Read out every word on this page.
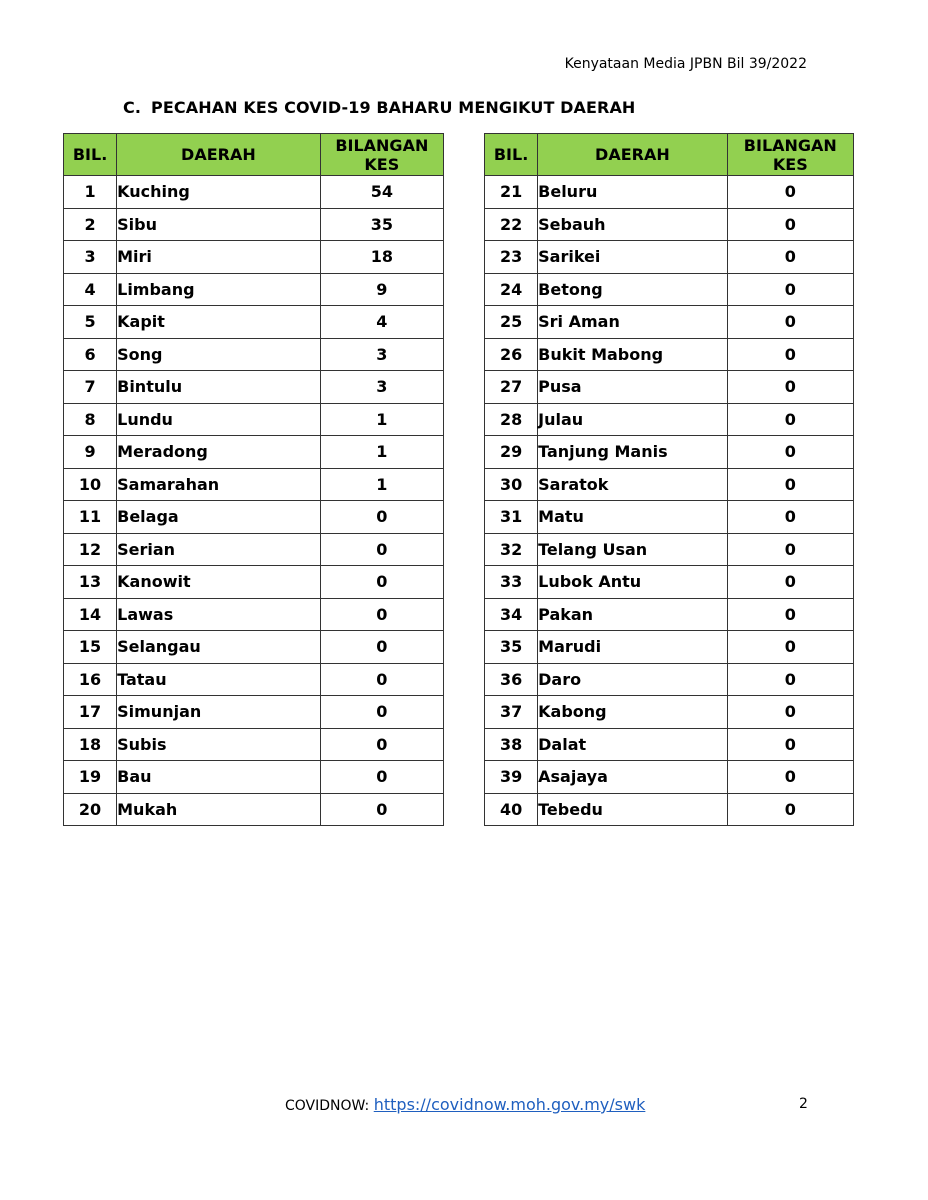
Kenyataan Media JPBN Bil 39/2022
C. PECAHAN KES COVID-19 BAHARU MENGIKUT DAERAH
BIL.	DAERAH	BILANGAN
KES
1	Kuching	54
2	Sibu	35
3	Miri	18
4	Limbang	9
5	Kapit	4
6	Song	3
7	Bintulu	3
8	Lundu	1
9	Meradong	1
10	Samarahan	1
11	Belaga	0
12	Serian	0
13	Kanowit	0
14	Lawas	0
15	Selangau	0
16	Tatau	0
17	Simunjan	0
18	Subis	0
19	Bau	0
20	Mukah	0
BIL.	DAERAH	BILANGAN
KES
21	Beluru	0
22	Sebauh	0
23	Sarikei	0
24	Betong	0
25	Sri Aman	0
26	Bukit Mabong	0
27	Pusa	0
28	Julau	0
29	Tanjung Manis	0
30	Saratok	0
31	Matu	0
32	Telang Usan	0
33	Lubok Antu	0
34	Pakan	0
35	Marudi	0
36	Daro	0
37	Kabong	0
38	Dalat	0
39	Asajaya	0
40	Tebedu	0
COVIDNOW: https://covidnow.moh.gov.my/swk	2
